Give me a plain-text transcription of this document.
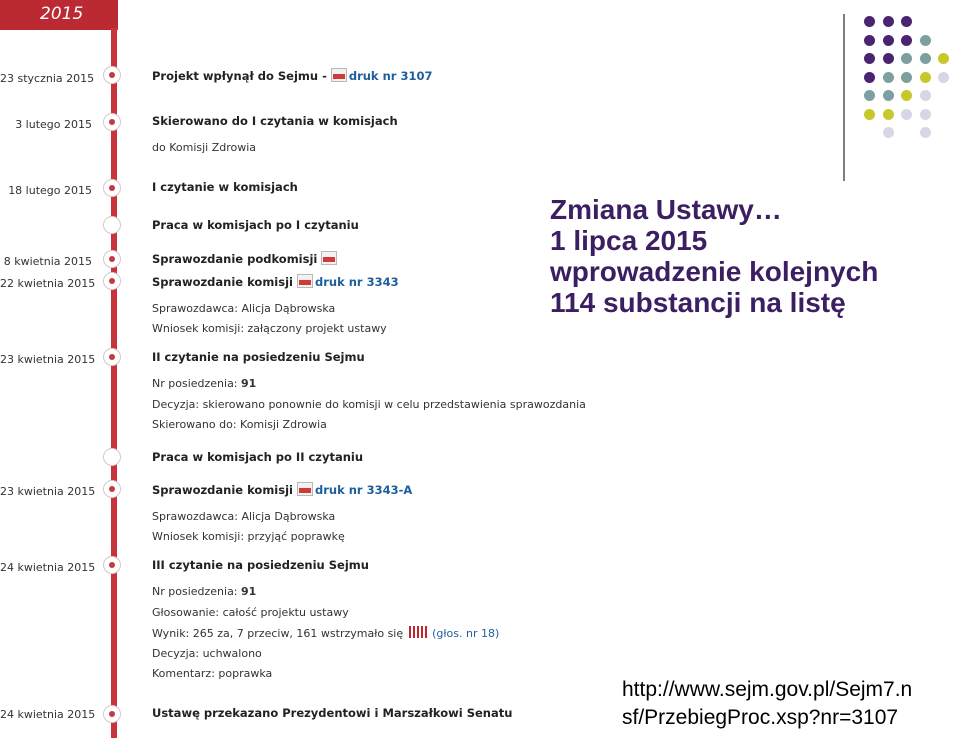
2015
23 stycznia 2015
3 lutego 2015
18 lutego 2015
8 kwietnia 2015
22 kwietnia 2015
23 kwietnia 2015
23 kwietnia 2015
24 kwietnia 2015
24 kwietnia 2015
Projekt wpłynął do Sejmu - druk nr 3107
Skierowano do I czytania w komisjach
do Komisji Zdrowia
I czytanie w komisjach
Praca w komisjach po I czytaniu
Sprawozdanie podkomisji
Sprawozdanie komisji druk nr 3343
Sprawozdawca: Alicja Dąbrowska
Wniosek komisji: załączony projekt ustawy
II czytanie na posiedzeniu Sejmu
Nr posiedzenia: 91
Decyzja: skierowano ponownie do komisji w celu przedstawienia sprawozdania
Skierowano do: Komisji Zdrowia
Praca w komisjach po II czytaniu
Sprawozdanie komisji druk nr 3343-A
Sprawozdawca: Alicja Dąbrowska
Wniosek komisji: przyjąć poprawkę
III czytanie na posiedzeniu Sejmu
Nr posiedzenia: 91
Głosowanie: całość projektu ustawy
Wynik: 265 za, 7 przeciw, 161 wstrzymało się	(głos. nr 18)
Decyzja: uchwalono
Komentarz: poprawka
Ustawę przekazano Prezydentowi i Marszałkowi Senatu
Zmiana Ustawy…
1 lipca 2015
wprowadzenie kolejnych
114 substancji na listę
http://www.sejm.gov.pl/Sejm7.n
sf/PrzebiegProc.xsp?nr=3107
